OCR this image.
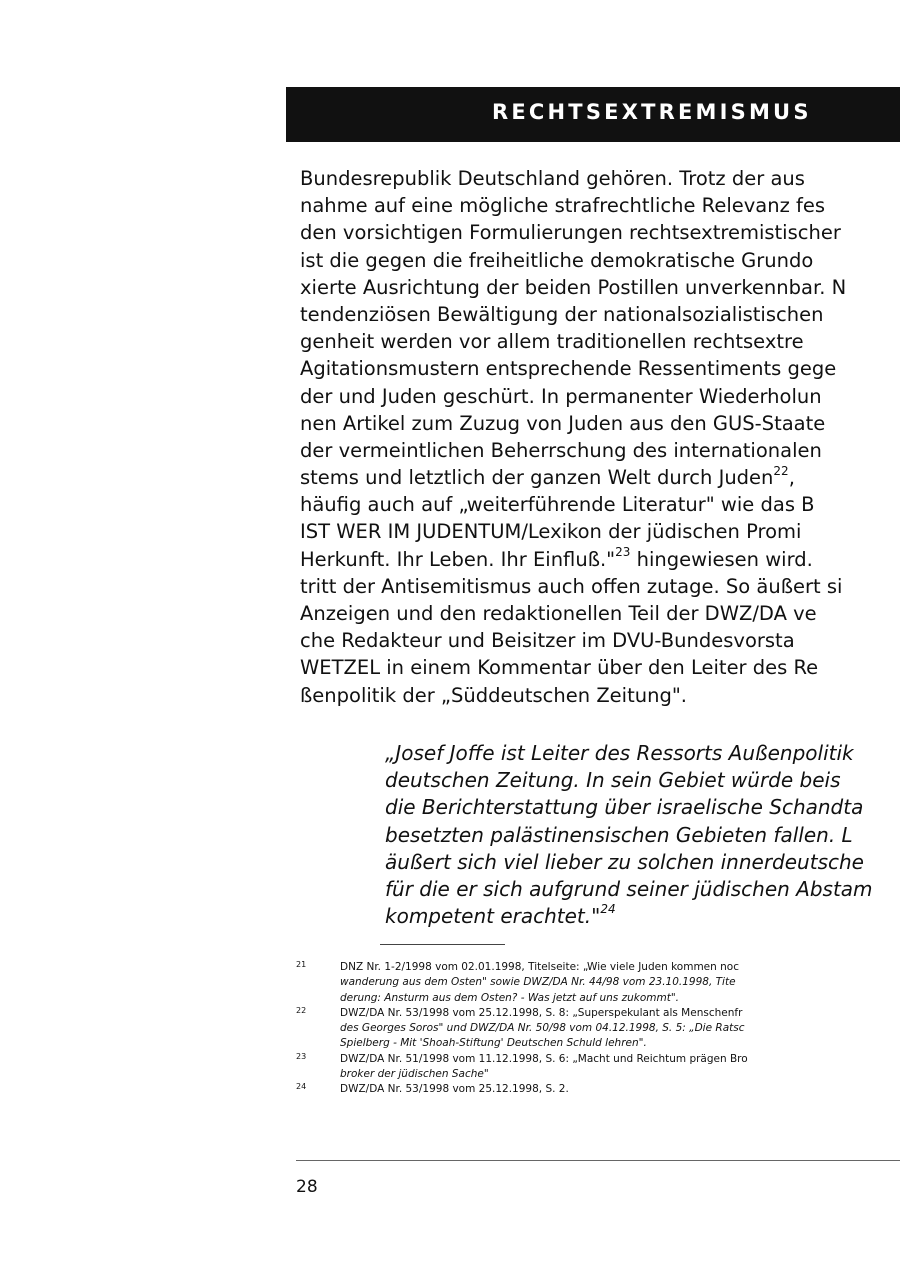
RECHTSEXTREMISMUS
Bundesrepublik Deutschland gehören. Trotz der aus
nahme auf eine mögliche strafrechtliche Relevanz fes
den vorsichtigen Formulierungen rechtsextremistischer
ist die gegen die freiheitliche demokratische Grundo
xierte Ausrichtung der beiden Postillen unverkennbar. N
tendenziösen Bewältigung der nationalsozialistischen
genheit werden vor allem traditionellen rechtsextre
Agitationsmustern entsprechende Ressentiments gege
der und Juden geschürt. In permanenter Wiederholun
nen Artikel zum Zuzug von Juden aus den GUS-Staate
der vermeintlichen Beherrschung des internationalen
stems und letztlich der ganzen Welt durch Juden$^{22}$,
häufig auch auf „weiterführende Literatur" wie das B
IST WER IM JUDENTUM/Lexikon der jüdischen Promi
Herkunft. Ihr Leben. Ihr Einfluß."$^{23}$ hingewiesen wird.
tritt der Antisemitismus auch offen zutage. So äußert si
Anzeigen und den redaktionellen Teil der DWZ/DA ve
che Redakteur und Beisitzer im DVU-Bundesvorsta
WETZEL in einem Kommentar über den Leiter des Re
ßenpolitik der „Süddeutschen Zeitung".
„Josef Joffe ist Leiter des Ressorts Außenpolitik
deutschen Zeitung. In sein Gebiet würde beis
die Berichterstattung über israelische Schandta
besetzten palästinensischen Gebieten fallen. L
äußert sich viel lieber zu solchen innerdeutsche
für die er sich aufgrund seiner jüdischen Abstam
kompetent erachtet."$^{24}$
21	DNZ Nr. 1-2/1998 vom 02.01.1998, Titelseite: „Wie viele Juden kommen noc
wanderung aus dem Osten" sowie DWZ/DA Nr. 44/98 vom 23.10.1998, Tite
derung: Ansturm aus dem Osten? - Was jetzt auf uns zukommt".
22	DWZ/DA Nr. 53/1998 vom 25.12.1998, S. 8: „Superspekulant als Menschenfr
des Georges Soros" und DWZ/DA Nr. 50/98 vom 04.12.1998, S. 5: „Die Ratsc
Spielberg - Mit 'Shoah-Stiftung' Deutschen Schuld lehren".
23	DWZ/DA Nr. 51/1998 vom 11.12.1998, S. 6: „Macht und Reichtum prägen Bro
broker der jüdischen Sache"
24	DWZ/DA Nr. 53/1998 vom 25.12.1998, S. 2.
28
